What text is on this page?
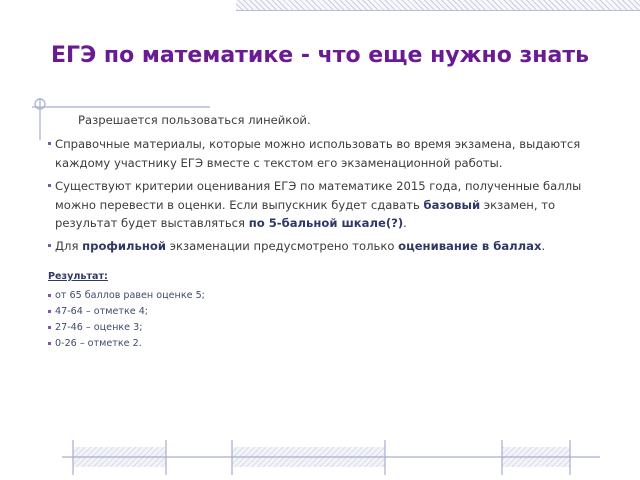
ЕГЭ по математике - что еще нужно знать

Разрешается пользоваться линейкой.

Справочные материалы, которые можно использовать во время экзамена, выдаются каждому участнику ЕГЭ вместе с текстом его экзаменационной работы.
Существуют критерии оценивания ЕГЭ по математике 2015 года, полученные баллы можно перевести в оценки. Если выпускник будет сдавать базовый экзамен, то результат будет выставляться по 5-бальной шкале(?).
Для профильной экзаменации предусмотрено только оценивание в баллах.

Результат:

от 65 баллов равен оценке 5;
47-64 – отметке 4;
27-46 – оценке 3;
0-26 – отметке 2.
